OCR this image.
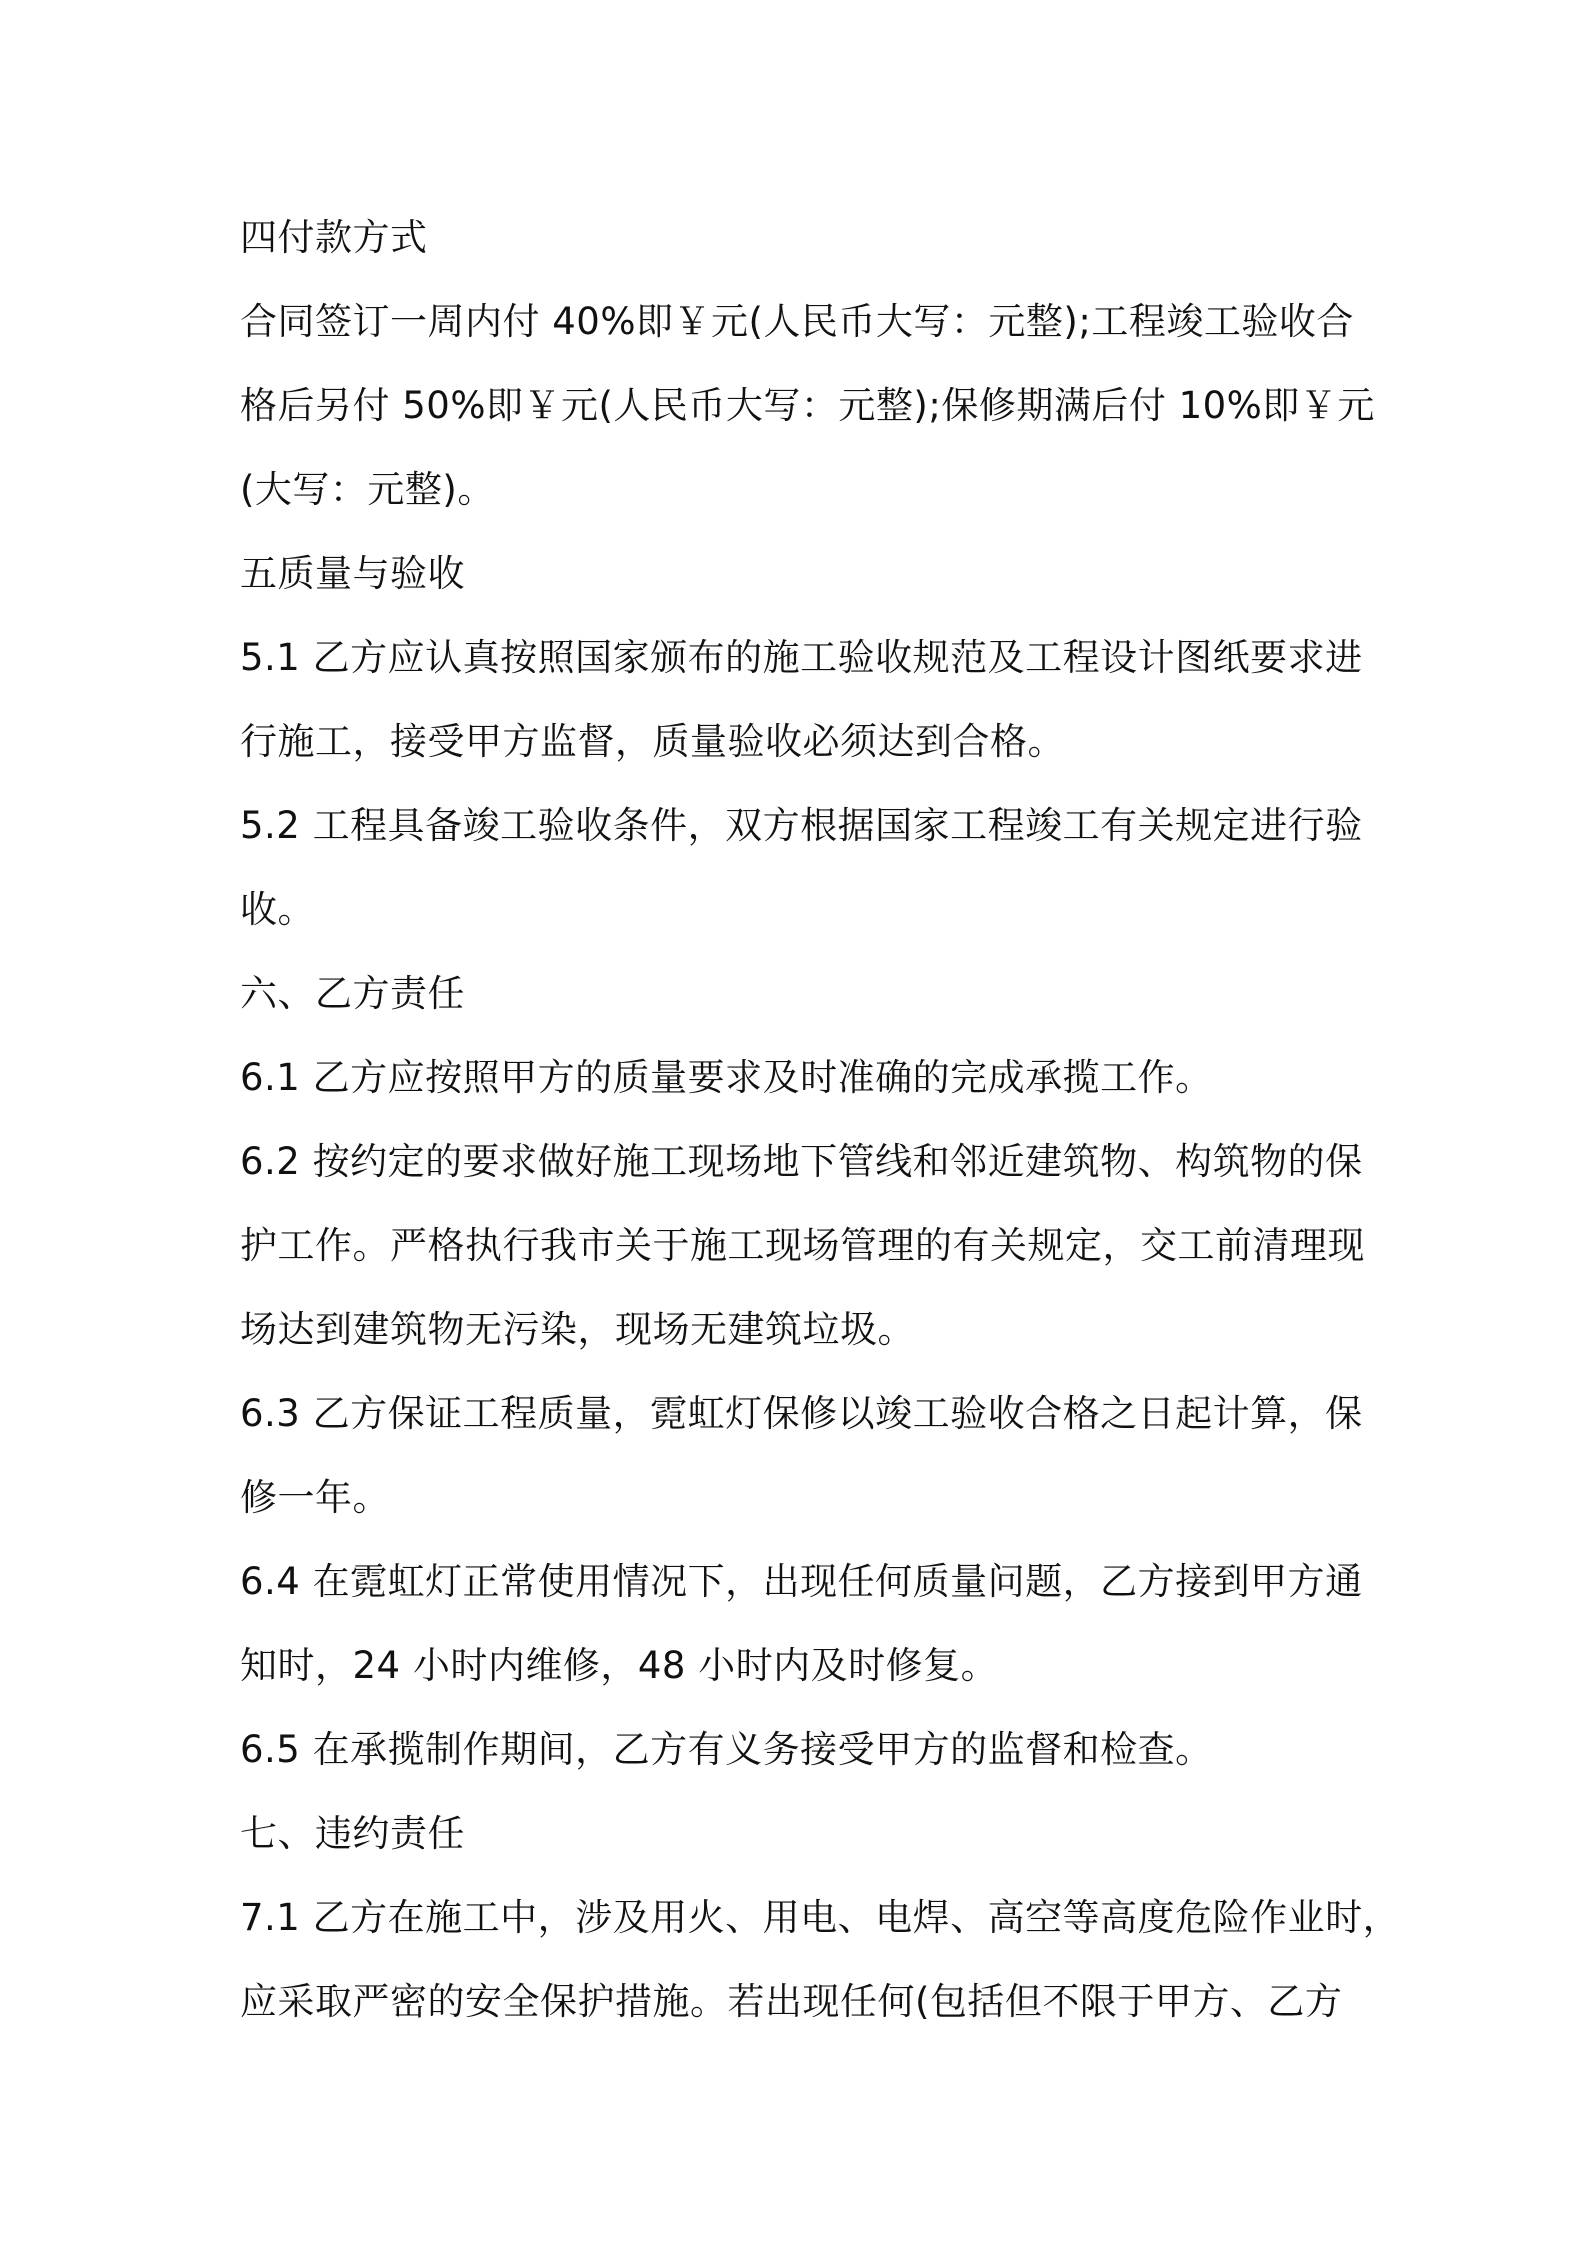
四付款方式
合同签订一周内付 40%即￥元(人民币大写：元整);工程竣工验收合
格后另付 50%即￥元(人民币大写：元整);保修期满后付 10%即￥元
(大写：元整)。
五质量与验收
5.1 乙方应认真按照国家颁布的施工验收规范及工程设计图纸要求进
行施工，接受甲方监督，质量验收必须达到合格。
5.2 工程具备竣工验收条件，双方根据国家工程竣工有关规定进行验
收。
六、乙方责任
6.1 乙方应按照甲方的质量要求及时准确的完成承揽工作。
6.2 按约定的要求做好施工现场地下管线和邻近建筑物、构筑物的保
护工作。严格执行我市关于施工现场管理的有关规定，交工前清理现
场达到建筑物无污染，现场无建筑垃圾。
6.3 乙方保证工程质量，霓虹灯保修以竣工验收合格之日起计算，保
修一年。
6.4 在霓虹灯正常使用情况下，出现任何质量问题，乙方接到甲方通
知时，24 小时内维修，48 小时内及时修复。
6.5 在承揽制作期间，乙方有义务接受甲方的监督和检查。
七、违约责任
7.1 乙方在施工中，涉及用火、用电、电焊、高空等高度危险作业时，
应采取严密的安全保护措施。若出现任何(包括但不限于甲方、乙方
